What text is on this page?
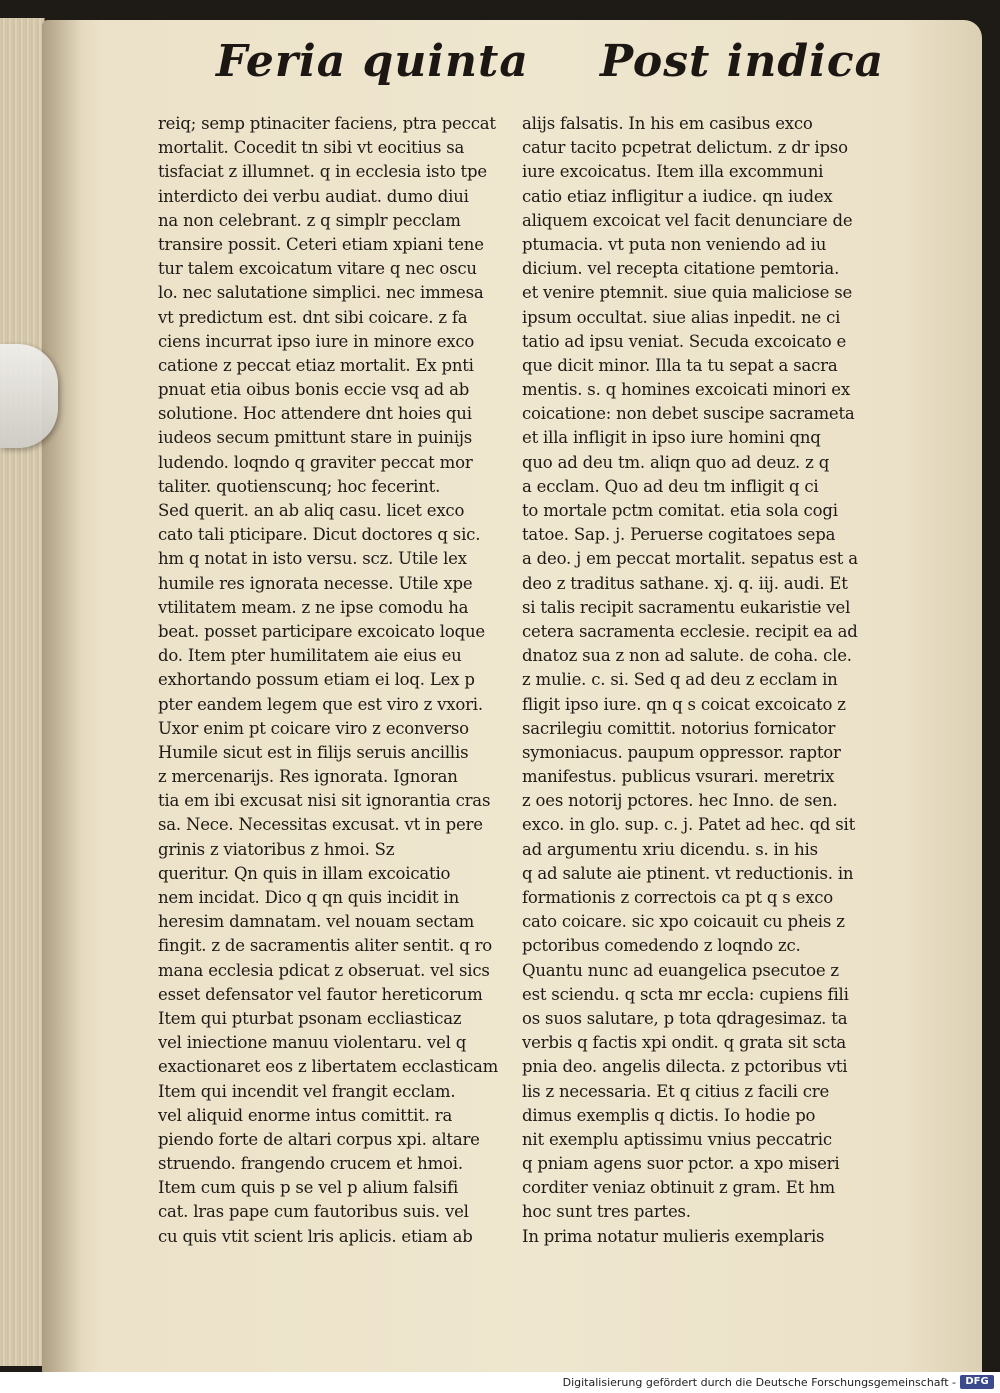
Feria quinta Post indica
reiq; semp ptinaciter faciens, ptra peccat
mortalit. Cocedit tn sibi vt eocitius sa
tisfaciat z illumnet. q in ecclesia isto tpe
interdicto dei verbu audiat. dumo diui
na non celebrant. z q simplr pecclam
transire possit. Ceteri etiam xpiani tene
tur talem excoicatum vitare q nec oscu
lo. nec salutatione simplici. nec immesa
vt predictum est. dnt sibi coicare. z fa
ciens incurrat ipso iure in minore exco
catione z peccat etiaz mortalit. Ex pnti
pnuat etia oibus bonis eccie vsq ad ab
solutione. Hoc attendere dnt hoies qui
iudeos secum pmittunt stare in puinijs
ludendo. loqndo q graviter peccat mor
taliter. quotienscunq; hoc fecerint.
Sed querit. an ab aliq casu. licet exco
cato tali pticipare. Dicut doctores q sic.
hm q notat in isto versu. scz. Utile lex
humile res ignorata necesse. Utile xpe
vtilitatem meam. z ne ipse comodu ha
beat. posset participare excoicato loque
do. Item pter humilitatem aie eius eu
exhortando possum etiam ei loq. Lex p
pter eandem legem que est viro z vxori.
Uxor enim pt coicare viro z econverso
Humile sicut est in filijs seruis ancillis
z mercenarijs. Res ignorata. Ignoran
tia em ibi excusat nisi sit ignorantia cras
sa. Nece. Necessitas excusat. vt in pere
grinis z viatoribus z hmoi. Sz
queritur. Qn quis in illam excoicatio
nem incidat. Dico q qn quis incidit in
heresim damnatam. vel nouam sectam
fingit. z de sacramentis aliter sentit. q ro
mana ecclesia pdicat z obseruat. vel sics
esset defensator vel fautor hereticorum
Item qui pturbat psonam eccliasticaz
vel iniectione manuu violentaru. vel q
exactionaret eos z libertatem ecclasticam
Item qui incendit vel frangit ecclam.
vel aliquid enorme intus comittit. ra
piendo forte de altari corpus xpi. altare
struendo. frangendo crucem et hmoi.
Item cum quis p se vel p alium falsifi
cat. lras pape cum fautoribus suis. vel
cu quis vtit scient lris aplicis. etiam ab
alijs falsatis. In his em casibus exco
catur tacito pcpetrat delictum. z dr ipso
iure excoicatus. Item illa excommuni
catio etiaz infligitur a iudice. qn iudex
aliquem excoicat vel facit denunciare de
ptumacia. vt puta non veniendo ad iu
dicium. vel recepta citatione pemtoria.
et venire ptemnit. siue quia maliciose se
ipsum occultat. siue alias inpedit. ne ci
tatio ad ipsu veniat. Secuda excoicato e
que dicit minor. Illa ta tu sepat a sacra
mentis. s. q homines excoicati minori ex
coicatione: non debet suscipe sacrameta
et illa infligit in ipso iure homini qnq
quo ad deu tm. aliqn quo ad deuz. z q
a ecclam. Quo ad deu tm infligit q ci
to mortale pctm comitat. etia sola cogi
tatoe. Sap. j. Peruerse cogitatoes sepa
a deo. j em peccat mortalit. sepatus est a
deo z traditus sathane. xj. q. iij. audi. Et
si talis recipit sacramentu eukaristie vel
cetera sacramenta ecclesie. recipit ea ad
dnatoz sua z non ad salute. de coha. cle.
z mulie. c. si. Sed q ad deu z ecclam in
fligit ipso iure. qn q s coicat excoicato z
sacrilegiu comittit. notorius fornicator
symoniacus. paupum oppressor. raptor
manifestus. publicus vsurari. meretrix
z oes notorij pctores. hec Inno. de sen.
exco. in glo. sup. c. j. Patet ad hec. qd sit
ad argumentu xriu dicendu. s. in his
q ad salute aie ptinent. vt reductionis. in
formationis z correctois ca pt q s exco
cato coicare. sic xpo coicauit cu pheis z
pctoribus comedendo z loqndo zc.
Quantu nunc ad euangelica psecutoe z
est sciendu. q scta mr eccla: cupiens fili
os suos salutare, p tota qdragesimaz. ta
verbis q factis xpi ondit. q grata sit scta
pnia deo. angelis dilecta. z pctoribus vti
lis z necessaria. Et q citius z facili cre
dimus exemplis q dictis. Io hodie po
nit exemplu aptissimu vnius peccatric
q pniam agens suor pctor. a xpo miseri
corditer veniaz obtinuit z gram. Et hm
hoc sunt tres partes.
In prima notatur mulieris exemplaris
Digitalisierung gefördert durch die Deutsche Forschungsgemeinschaft - DFG
